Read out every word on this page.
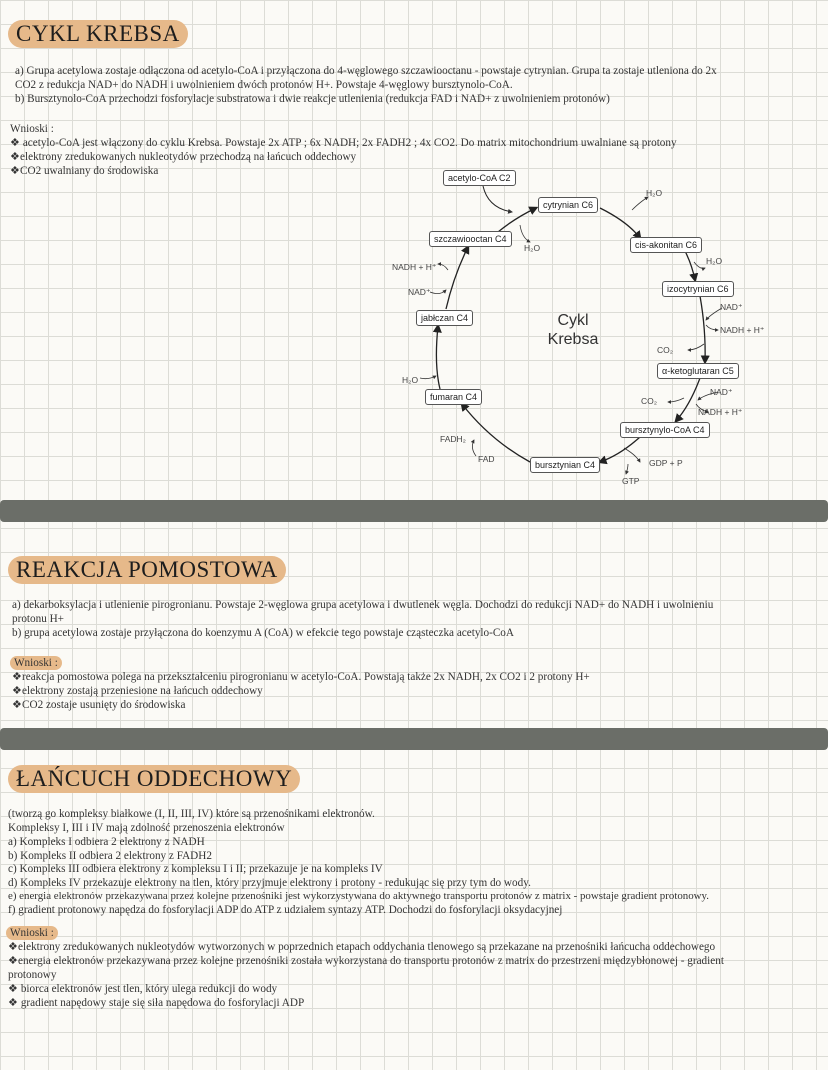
CYKL KREBSA
a) Grupa acetylowa zostaje odłączona od acetylo-CoA i przyłączona do 4-węglowego szczawiooctanu - powstaje cytrynian. Grupa ta zostaje utleniona do 2x
CO2 z redukcja NAD+ do NADH i uwolnieniem dwóch protonów H+. Powstaje 4-węglowy bursztynolo-CoA.
b) Bursztynolo-CoA przechodzi fosforylacje substratowa i dwie reakcje utlenienia (redukcja FAD i NAD+ z uwolnieniem protonów)
Wnioski :
❖ acetylo-CoA jest włączony do cyklu Krebsa. Powstaje 2x ATP ; 6x NADH; 2x FADH2 ; 4x CO2. Do matrix mitochondrium uwalniane są protony
❖elektrony zredukowanych nukleotydów przechodzą na łańcuch oddechowy
❖CO2 uwalniany do środowiska
acetylo-CoA C2
cytrynian C6
cis-akonitan C6
izocytrynian C6
α-ketoglutaran C5
bursztynylo-CoA C4
bursztynian C4
fumaran C4
jabłczan C4
szczawiooctan C4
Cykl
Krebsa
H₂O
H₂O
H₂O
NAD⁺
NADH + H⁺
CO₂
NAD⁺
NADH + H⁺
CO₂
GDP + P
GTP
FAD
FADH₂
H₂O
NAD⁺
NADH + H⁺
REAKCJA POMOSTOWA
a) dekarboksylacja i utlenienie pirogronianu. Powstaje 2-węglowa grupa acetylowa i dwutlenek węgla. Dochodzi do redukcji NAD+ do NADH i uwolnieniu
protonu H+
b) grupa acetylowa zostaje przyłączona do koenzymu A (CoA) w efekcie tego powstaje cząsteczka acetylo-CoA
Wnioski :
❖reakcja pomostowa polega na przekształceniu pirogronianu w acetylo-CoA. Powstają także 2x NADH, 2x CO2 i 2 protony H+
❖elektrony zostają przeniesione na łańcuch oddechowy
❖CO2 zostaje usunięty do środowiska
ŁAŃCUCH ODDECHOWY
(tworzą go kompleksy białkowe (I, II, III, IV) które są przenośnikami elektronów.
Kompleksy I, III i IV mają zdolność przenoszenia elektronów
a) Kompleks I odbiera 2 elektrony z NADH
b) Kompleks II odbiera 2 elektrony z FADH2
c) Kompleks III odbiera elektrony z kompleksu I i II; przekazuje je na kompleks IV
d) Kompleks IV przekazuje elektrony na tlen, który przyjmuje elektrony i protony - redukując się przy tym do wody.
e) energia elektronów przekazywana przez kolejne przenośniki jest wykorzystywana do aktywnego transportu protonów z matrix - powstaje gradient protonowy.
f) gradient protonowy napędza do fosforylacji ADP do ATP z udziałem syntazy ATP. Dochodzi do fosforylacji oksydacyjnej
Wnioski :
❖elektrony zredukowanych nukleotydów wytworzonych w poprzednich etapach oddychania tlenowego są przekazane na przenośniki łańcucha oddechowego
❖energia elektronów przekazywana przez kolejne przenośniki została wykorzystana do transportu protonów z matrix do przestrzeni międzybłonowej - gradient
protonowy
❖ biorca elektronów jest tlen, który ulega redukcji do wody
❖ gradient napędowy staje się siła napędowa do fosforylacji ADP
